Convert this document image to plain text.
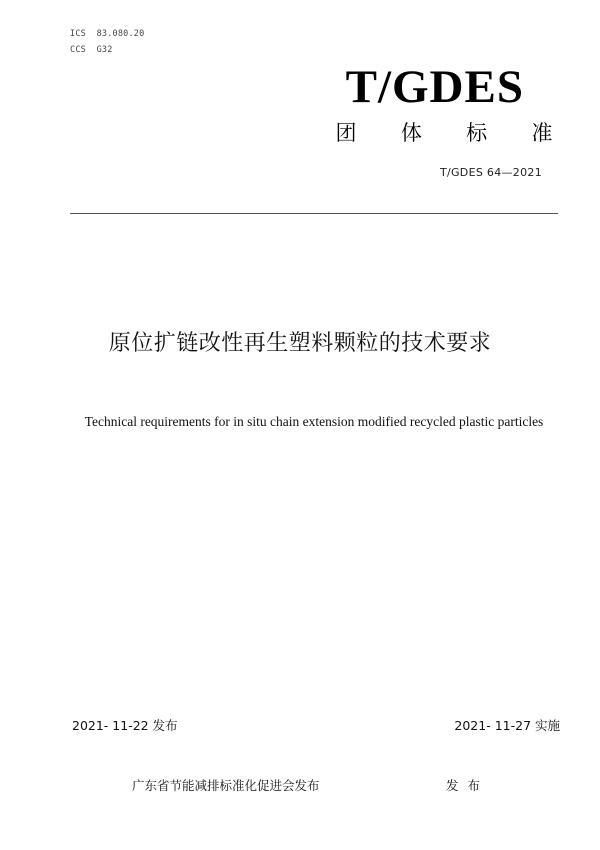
ICS  83.080.20
CCS  G32
T/GDES
团 体 标 准
T/GDES 64—2021
原位扩链改性再生塑料颗粒的技术要求
Technical requirements for in situ chain extension modified recycled plastic particles
2021- 11-22 发布	2021- 11-27 实施
广东省节能减排标准化促进会发布	发布
